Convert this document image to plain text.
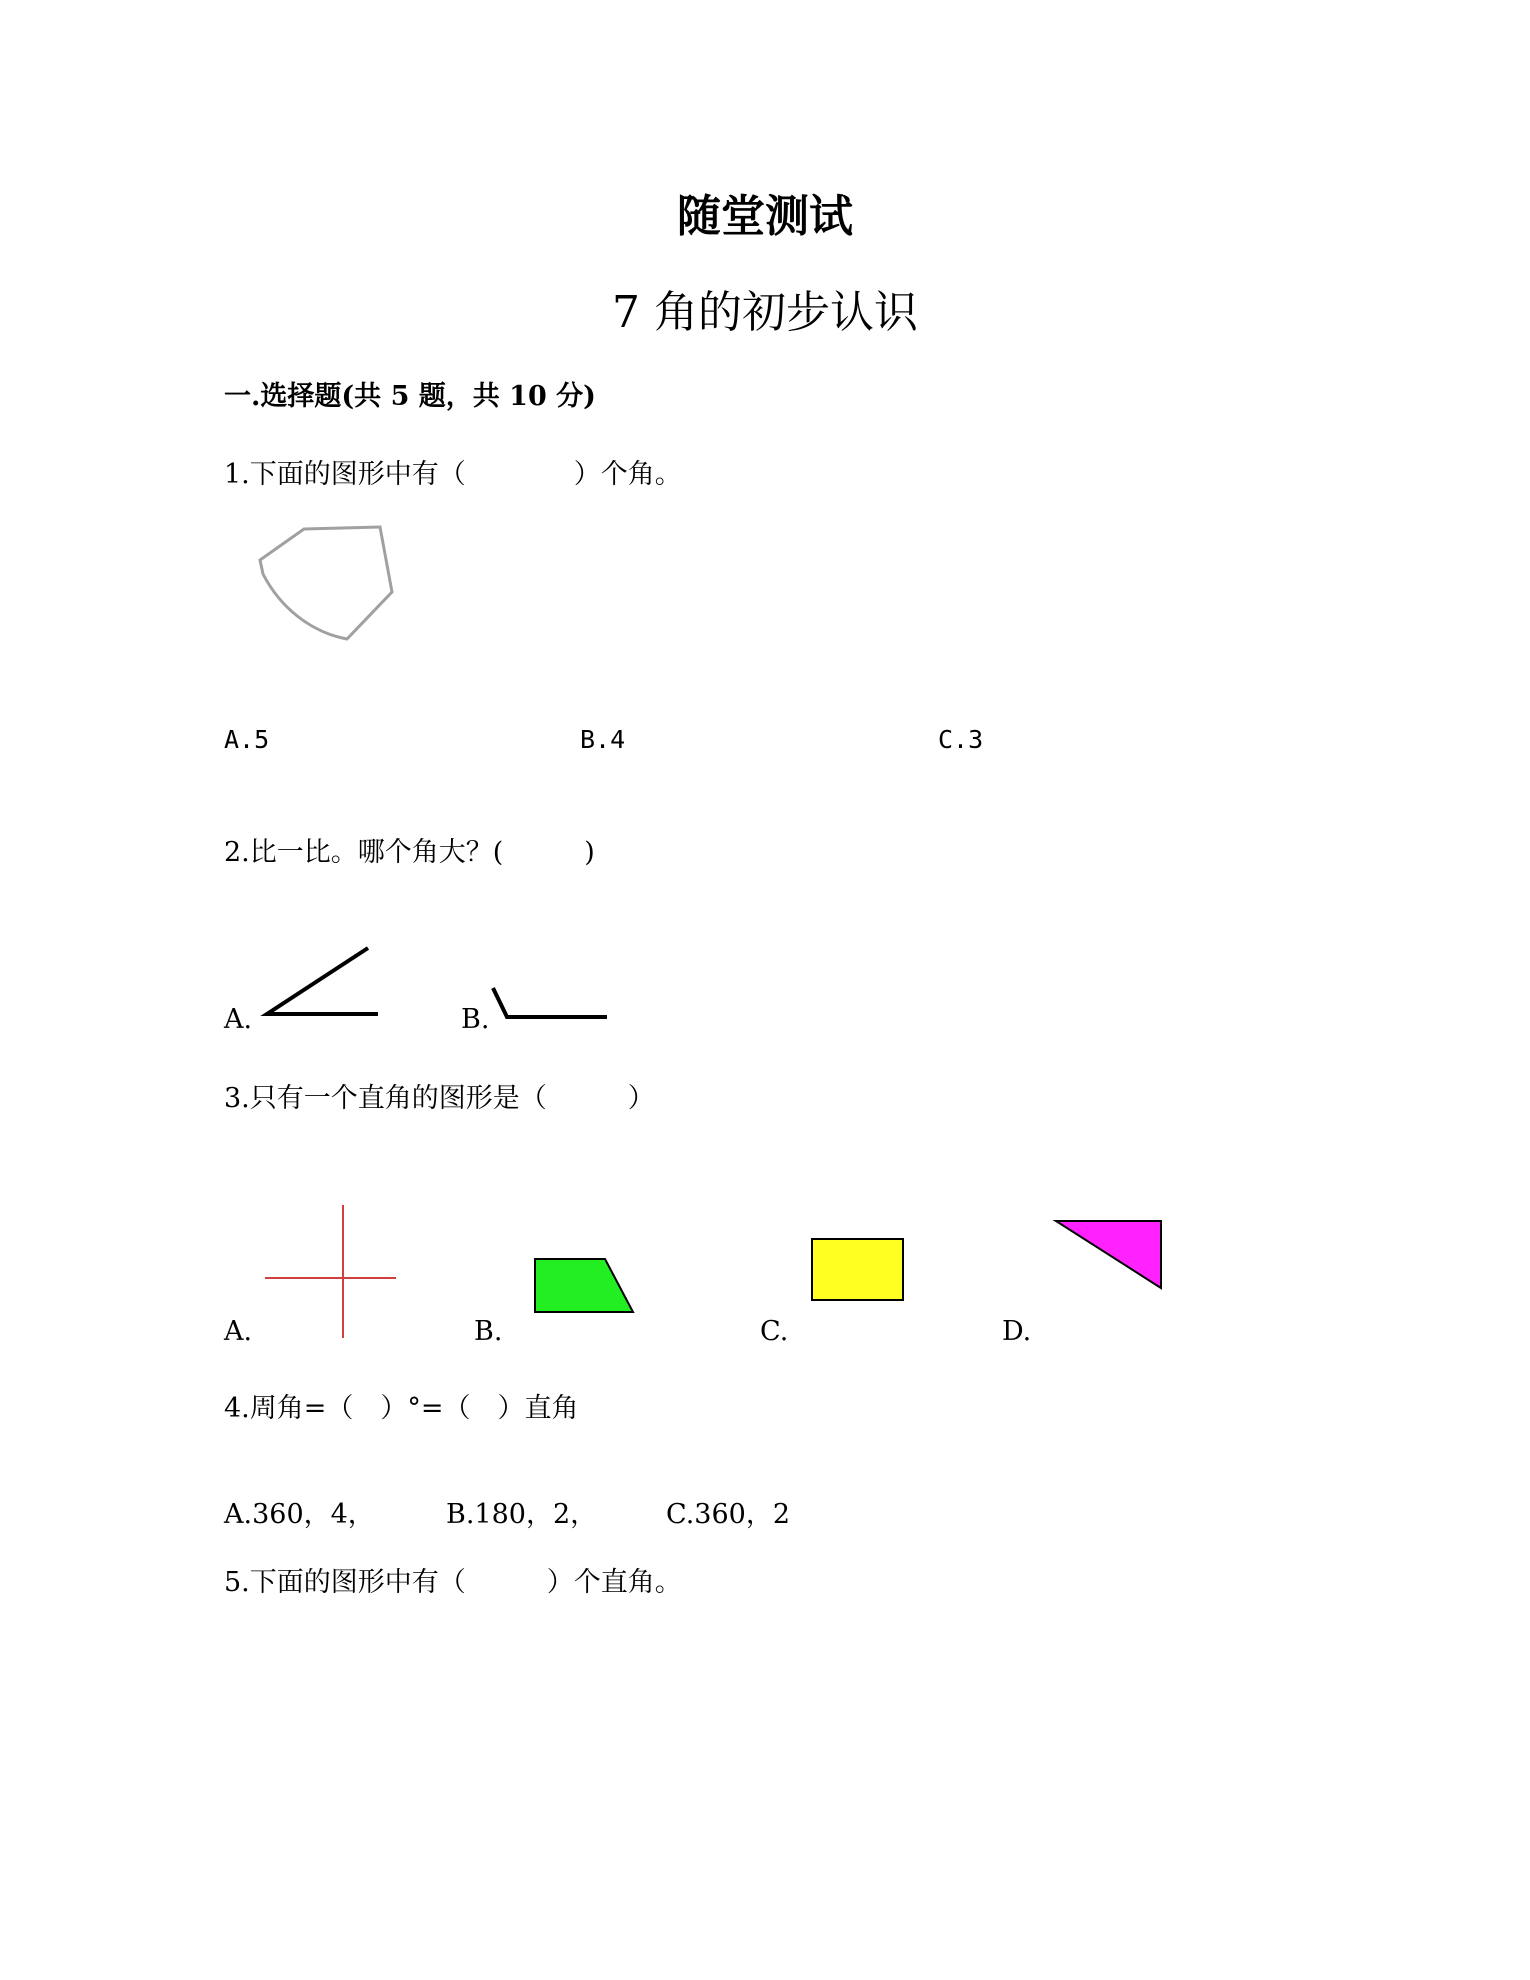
随堂测试
7 角的初步认识
一.选择题(共 5 题，共 10 分)
1.下面的图形中有（　　　　）个角。
A.5	B.4	C.3
2.比一比。哪个角大？(　　　)
A.	B.
3.只有一个直角的图形是（　　　）
A.	B.	C.	D.
4.周角=（　）°=（　）直角
A.360，4，	B.180，2，	C.360，2
5.下面的图形中有（　　　）个直角。
